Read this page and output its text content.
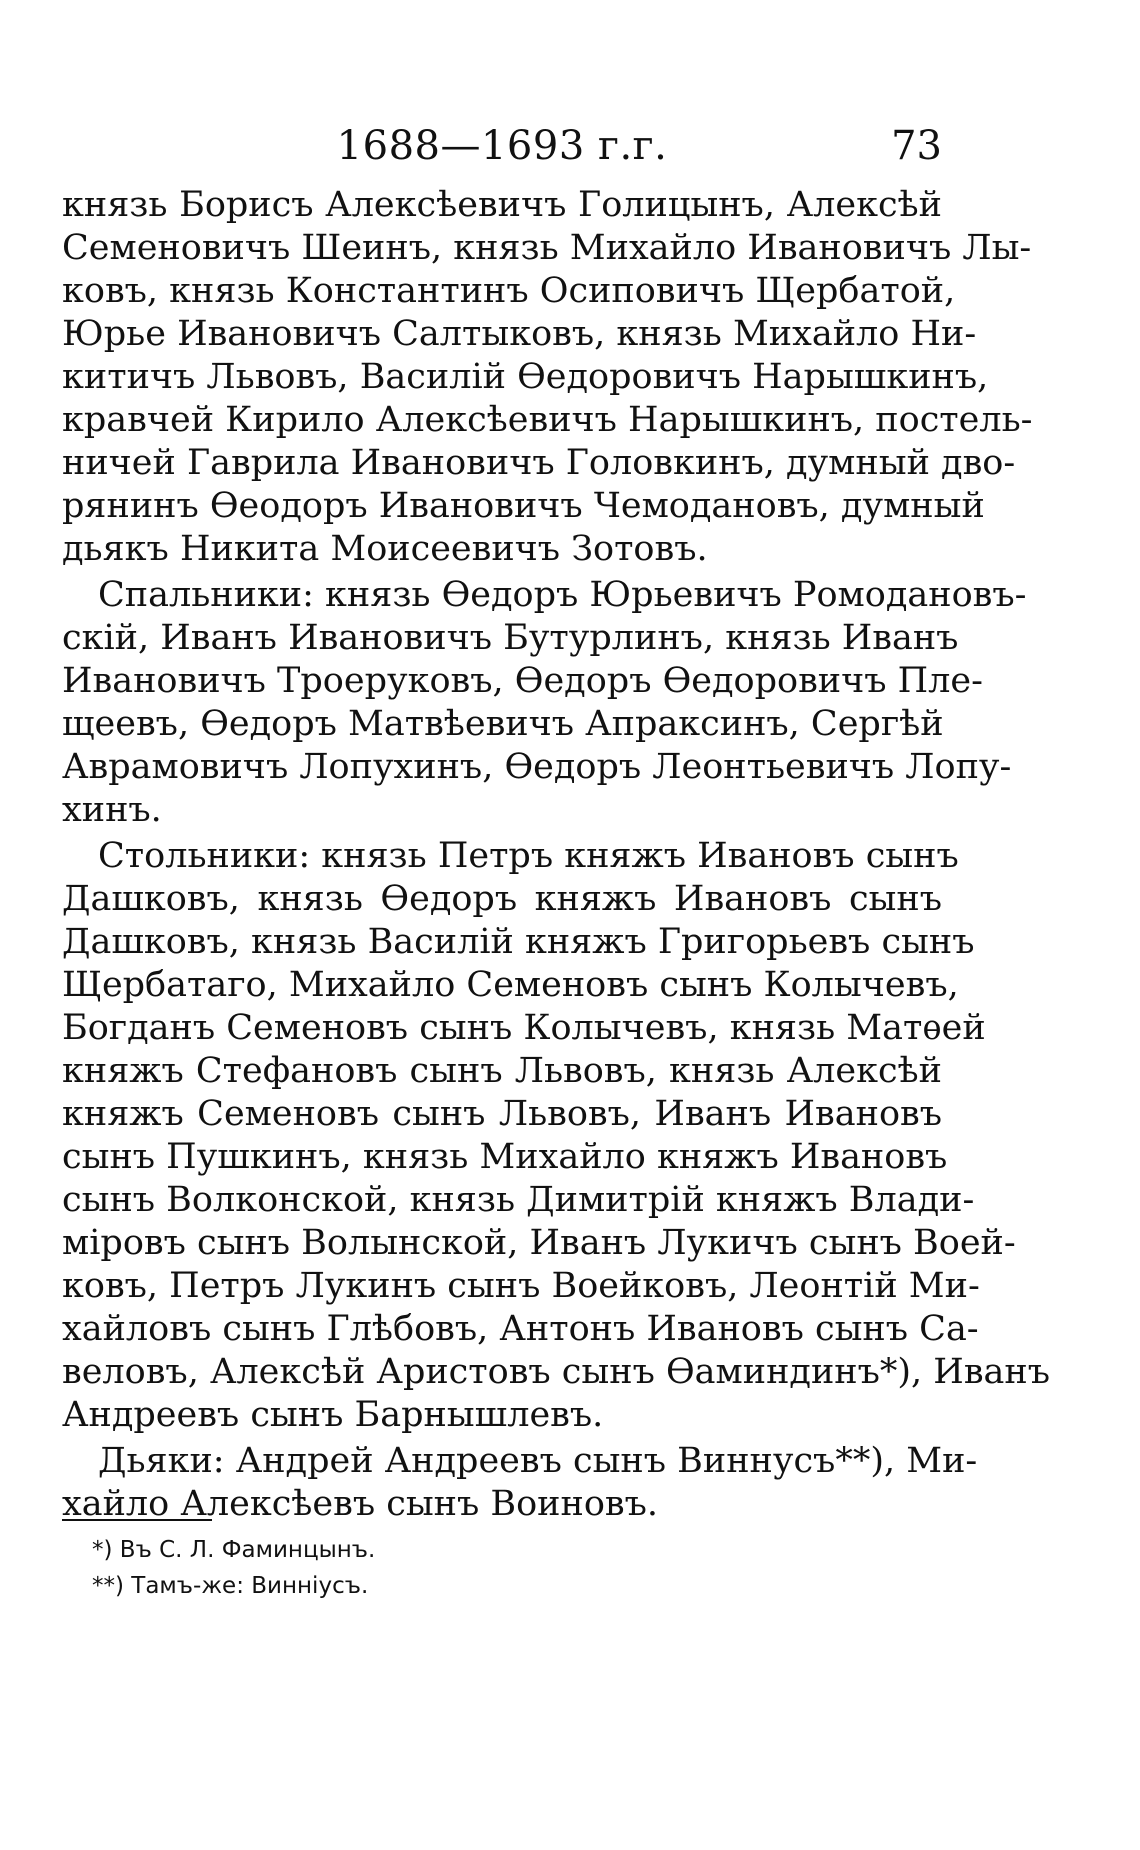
1688—1693 г.г.	73
князь Борисъ Алексѣевичъ Голицынъ, Алексѣй
Семеновичъ Шеинъ, князь Михайло Ивановичъ Лы-
ковъ, князь Константинъ Осиповичъ Щербатой,
Юрье Ивановичъ Салтыковъ, князь Михайло Ни-
китичъ Львовъ, Василій Ѳедоровичъ Нарышкинъ,
кравчей Кирило Алексѣевичъ Нарышкинъ, постель-
ничей Гаврила Ивановичъ Головкинъ, думный дво-
рянинъ Ѳеодоръ Ивановичъ Чемодановъ, думный
дьякъ Никита Моисеевичъ Зотовъ.
Спальники: князь Ѳедоръ Юрьевичъ Ромодановъ-
скій, Иванъ Ивановичъ Бутурлинъ, князь Иванъ
Ивановичъ Троеруковъ, Ѳедоръ Ѳедоровичъ Пле-
щеевъ, Ѳедоръ Матвѣевичъ Апраксинъ, Сергѣй
Аврамовичъ Лопухинъ, Ѳедоръ Леонтьевичъ Лопу-
хинъ.
Стольники: князь Петръ княжъ Ивановъ сынъ
Дашковъ, князь Ѳедоръ княжъ Ивановъ сынъ
Дашковъ, князь Василій княжъ Григорьевъ сынъ
Щербатаго, Михайло Семеновъ сынъ Колычевъ,
Богданъ Семеновъ сынъ Колычевъ, князь Матѳей
княжъ Стефановъ сынъ Львовъ, князь Алексѣй
княжъ Семеновъ сынъ Львовъ, Иванъ Ивановъ
сынъ Пушкинъ, князь Михайло княжъ Ивановъ
сынъ Волконской, князь Димитрій княжъ Влади-
міровъ сынъ Волынской, Иванъ Лукичъ сынъ Воей-
ковъ, Петръ Лукинъ сынъ Воейковъ, Леонтій Ми-
хайловъ сынъ Глѣбовъ, Антонъ Ивановъ сынъ Са-
веловъ, Алексѣй Аристовъ сынъ Ѳаминдинъ*), Иванъ
Андреевъ сынъ Барнышлевъ.
Дьяки: Андрей Андреевъ сынъ Виннусъ**), Ми-
хайло Алексѣевъ сынъ Воиновъ.
*) Въ С. Л. Фаминцынъ.
**) Тамъ-же: Винніусъ.
